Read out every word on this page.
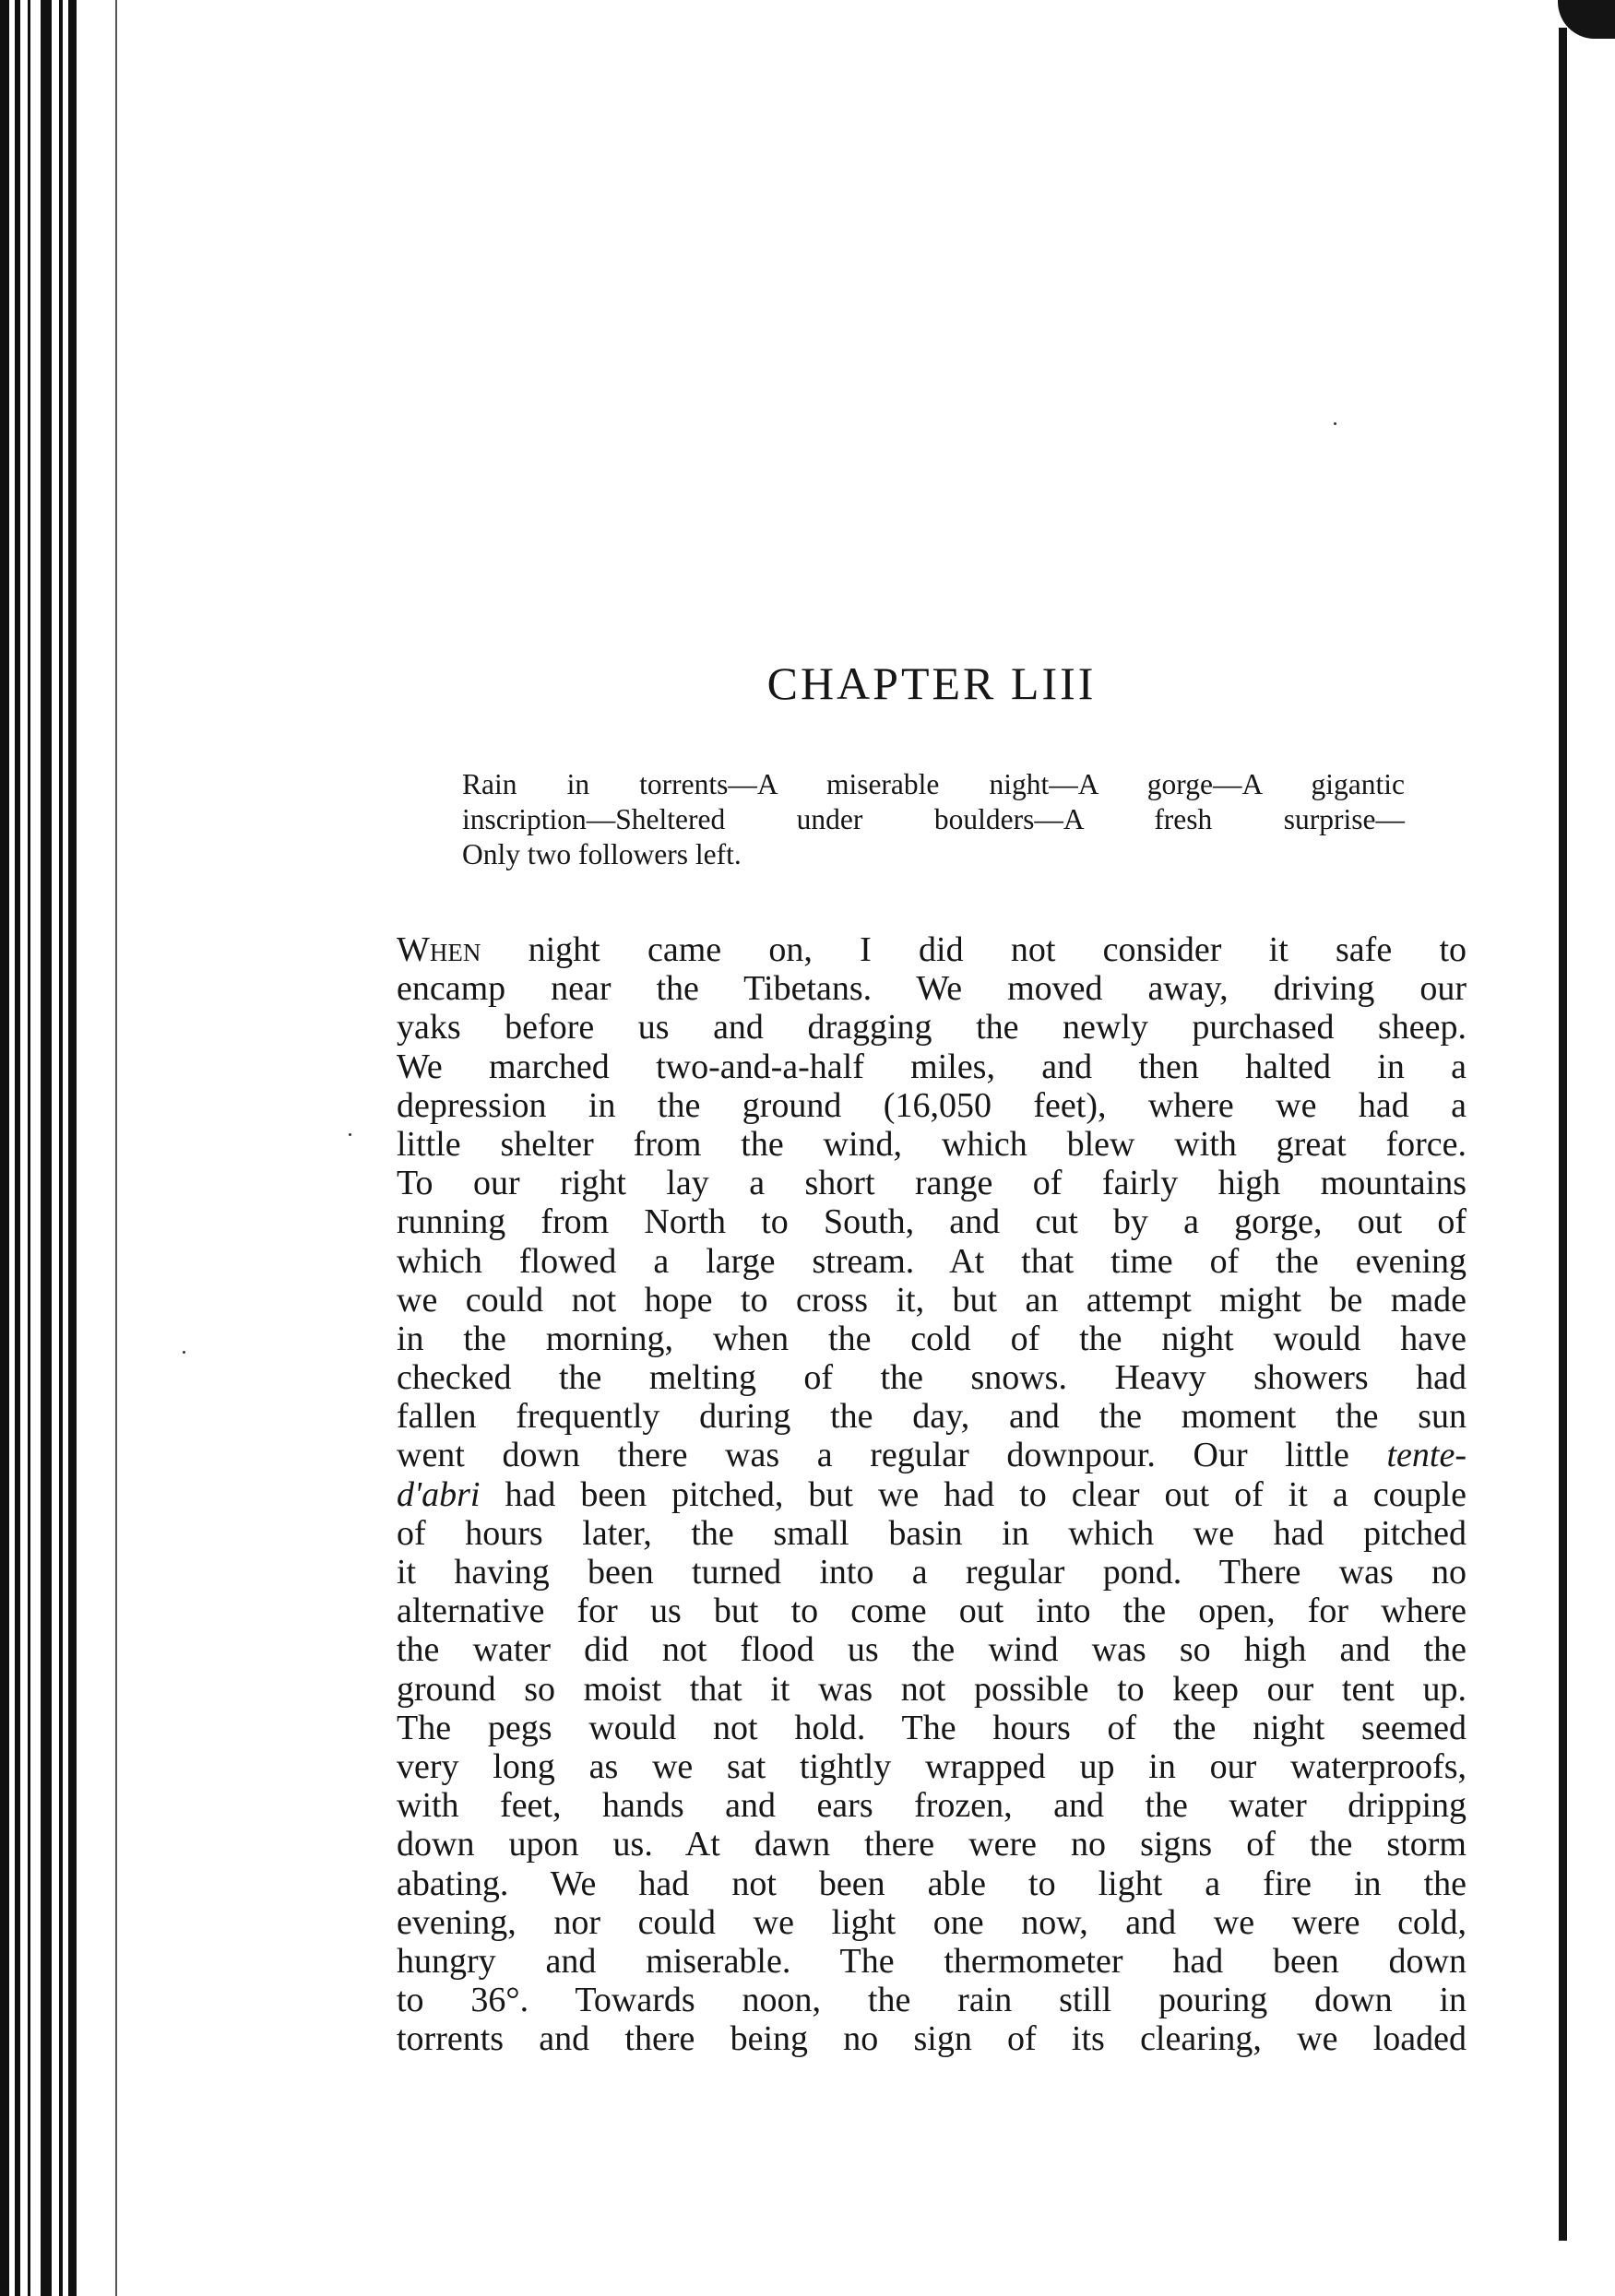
CHAPTER LIII
Rain in torrents—A miserable night—A gorge—A gigantic
inscription—Sheltered under boulders—A fresh surprise—
Only two followers left.
When night came on, I did not consider it safe to
encamp near the Tibetans. We moved away, driving our
yaks before us and dragging the newly purchased sheep.
We marched two-and-a-half miles, and then halted in a
depression in the ground (16,050 feet), where we had a
little shelter from the wind, which blew with great force.
To our right lay a short range of fairly high mountains
running from North to South, and cut by a gorge, out of
which flowed a large stream. At that time of the evening
we could not hope to cross it, but an attempt might be made
in the morning, when the cold of the night would have
checked the melting of the snows. Heavy showers had
fallen frequently during the day, and the moment the sun
went down there was a regular downpour. Our little tente-
d'abri had been pitched, but we had to clear out of it a couple
of hours later, the small basin in which we had pitched
it having been turned into a regular pond. There was no
alternative for us but to come out into the open, for where
the water did not flood us the wind was so high and the
ground so moist that it was not possible to keep our tent up.
The pegs would not hold. The hours of the night seemed
very long as we sat tightly wrapped up in our waterproofs,
with feet, hands and ears frozen, and the water dripping
down upon us. At dawn there were no signs of the storm
abating. We had not been able to light a fire in the
evening, nor could we light one now, and we were cold,
hungry and miserable. The thermometer had been down
to 36°. Towards noon, the rain still pouring down in
torrents and there being no sign of its clearing, we loaded
